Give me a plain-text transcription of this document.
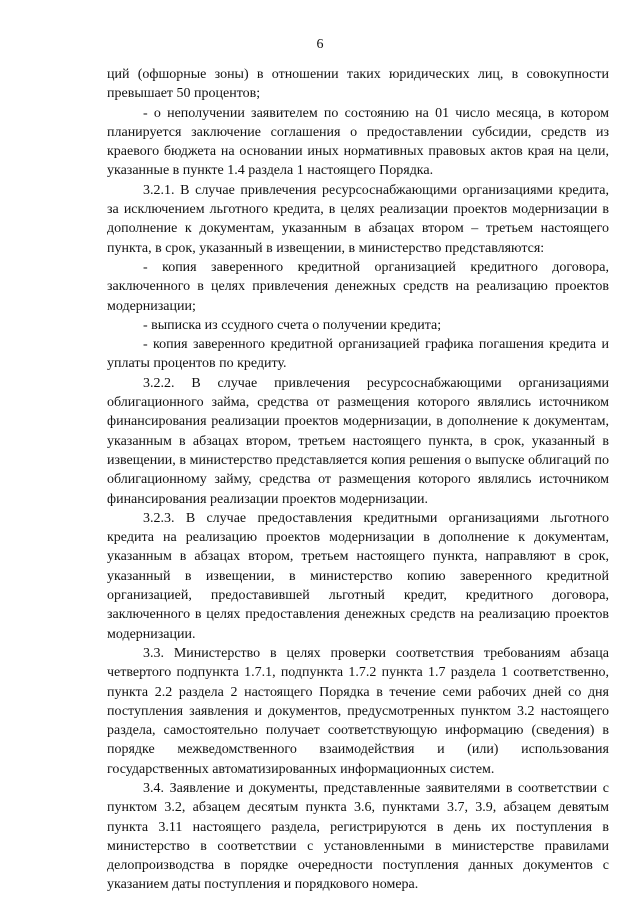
6

ций (офшорные зоны) в отношении таких юридических лиц, в совокупности превышает 50 процентов;

- о неполучении заявителем по состоянию на 01 число месяца, в котором планируется заключение соглашения о предоставлении субсидии, средств из краевого бюджета на основании иных нормативных правовых актов края на цели, указанные в пункте 1.4 раздела 1 настоящего Порядка.

3.2.1. В случае привлечения ресурсоснабжающими организациями кредита, за исключением льготного кредита, в целях реализации проектов модернизации в дополнение к документам, указанным в абзацах втором – третьем настоящего пункта, в срок, указанный в извещении, в министерство представляются:

- копия заверенного кредитной организацией кредитного договора, заключенного в целях привлечения денежных средств на реализацию проектов модернизации;

- выписка из ссудного счета о получении кредита;

- копия заверенного кредитной организацией графика погашения кредита и уплаты процентов по кредиту.

3.2.2. В случае привлечения ресурсоснабжающими организациями облигационного займа, средства от размещения которого являлись источником финансирования реализации проектов модернизации, в дополнение к документам, указанным в абзацах втором, третьем настоящего пункта, в срок, указанный в извещении, в министерство представляется копия решения о выпуске облигаций по облигационному займу, средства от размещения которого являлись источником финансирования реализации проектов модернизации.

3.2.3. В случае предоставления кредитными организациями льготного кредита на реализацию проектов модернизации в дополнение к документам, указанным в абзацах втором, третьем настоящего пункта, направляют в срок, указанный в извещении, в министерство копию заверенного кредитной организацией, предоставившей льготный кредит, кредитного договора, заключенного в целях предоставления денежных средств на реализацию проектов модернизации.

3.3. Министерство в целях проверки соответствия требованиям абзаца четвертого подпункта 1.7.1, подпункта 1.7.2 пункта 1.7 раздела 1 соответственно, пункта 2.2 раздела 2 настоящего Порядка в течение семи рабочих дней со дня поступления заявления и документов, предусмотренных пунктом 3.2 настоящего раздела, самостоятельно получает соответствующую информацию (сведения) в порядке межведомственного взаимодействия и (или) использования государственных автоматизированных информационных систем.

3.4. Заявление и документы, представленные заявителями в соответствии с пунктом 3.2, абзацем десятым пункта 3.6, пунктами 3.7, 3.9, абзацем девятым пункта 3.11 настоящего раздела, регистрируются в день их поступления в министерство в соответствии с установленными в министерстве правилами делопроизводства в порядке очередности поступления данных документов с указанием даты поступления и порядкового номера.
